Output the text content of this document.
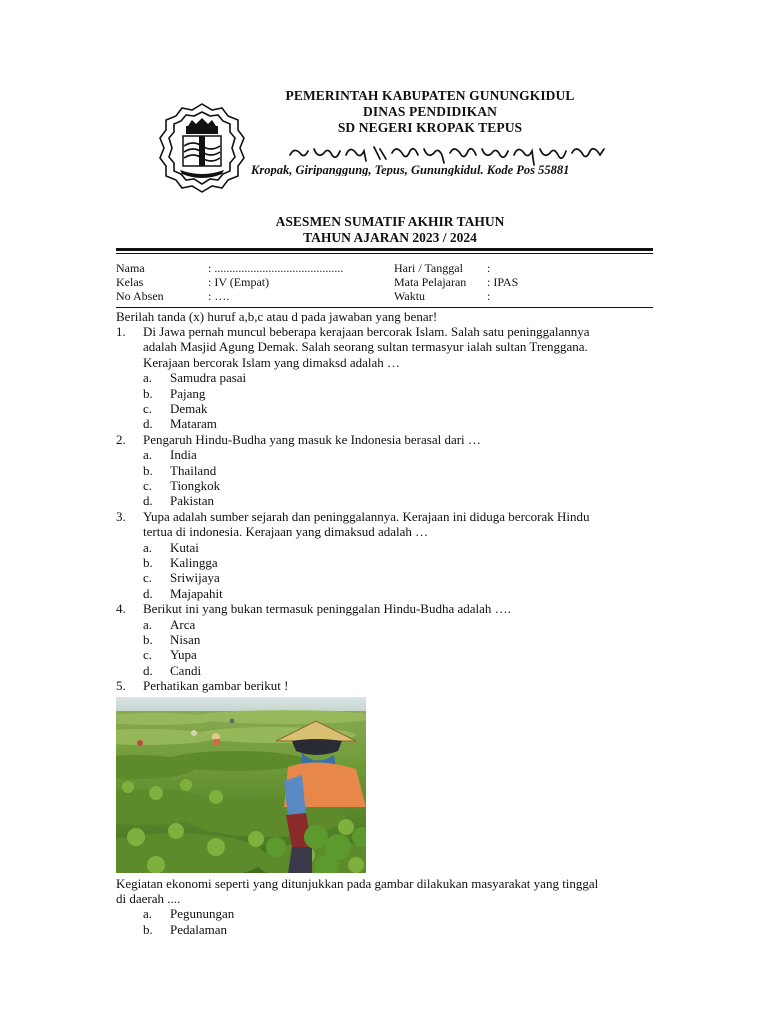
PEMERINTAH KABUPATEN GUNUNGKIDUL
DINAS PENDIDIKAN
SD NEGERI KROPAK TEPUS
Kropak, Giripanggung, Tepus, Gunungkidul. Kode Pos 55881
ASESMEN SUMATIF AKHIR TAHUN
TAHUN AJARAN 2023 / 2024
Nama
Kelas
No Absen
: ...........................................
: IV (Empat)
: ….
Hari / Tanggal
Mata Pelajaran
Waktu
:
: IPAS
:
Berilah tanda (x) huruf a,b,c atau d pada jawaban yang benar!
1. Di Jawa pernah muncul beberapa kerajaan bercorak Islam. Salah satu peninggalannya
adalah Masjid Agung Demak. Salah seorang sultan termasyur ialah sultan Trenggana.
Kerajaan bercorak Islam yang dimaksd adalah …
a. Samudra pasai
b. Pajang
c. Demak
d. Mataram
2. Pengaruh Hindu-Budha yang masuk ke Indonesia berasal dari …
a. India
b. Thailand
c. Tiongkok
d. Pakistan
3. Yupa adalah sumber sejarah dan peninggalannya. Kerajaan ini diduga bercorak Hindu
tertua di indonesia. Kerajaan yang dimaksud adalah …
a. Kutai
b. Kalingga
c. Sriwijaya
d. Majapahit
4. Berikut ini yang bukan termasuk peninggalan Hindu-Budha adalah ….
a. Arca
b. Nisan
c. Yupa
d. Candi
5. Perhatikan gambar berikut !
Kegiatan ekonomi seperti yang ditunjukkan pada gambar dilakukan masyarakat yang tinggal
di daerah ....
a. Pegunungan
b. Pedalaman
